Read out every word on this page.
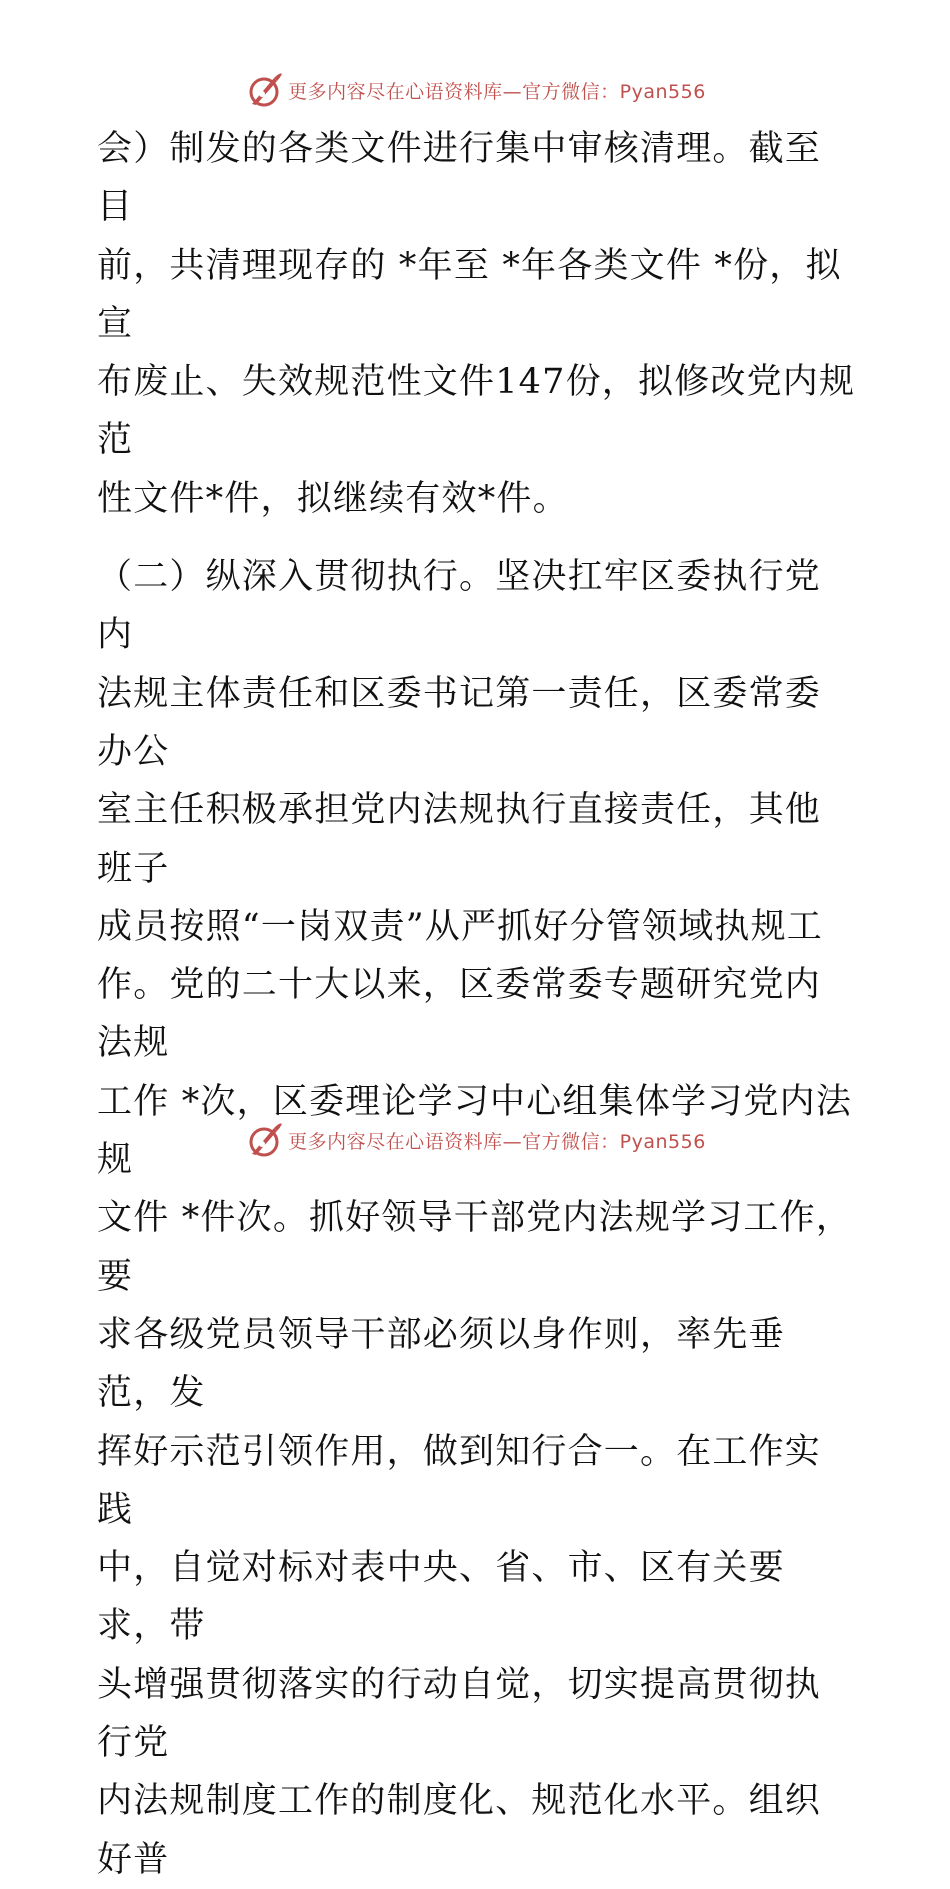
更多内容尽在心语资料库—官方微信：Pyan556

会）制发的各类文件进行集中审核清理。截至目
前，共清理现存的 *年至 *年各类文件 *份，拟宣
布废止、失效规范性文件147份，拟修改党内规范
性文件*件，拟继续有效*件。

（二）纵深入贯彻执行。坚决扛牢区委执行党内
法规主体责任和区委书记第一责任，区委常委办公
室主任积极承担党内法规执行直接责任，其他班子
成员按照“一岗双责”从严抓好分管领域执规工
作。党的二十大以来，区委常委专题研究党内法规
工作 *次，区委理论学习中心组集体学习党内法规
文件 *件次。抓好领导干部党内法规学习工作，要
求各级党员领导干部必须以身作则，率先垂范，发
挥好示范引领作用，做到知行合一。在工作实践
中，自觉对标对表中央、省、市、区有关要求，带
头增强贯彻落实的行动自觉，切实提高贯彻执行党
内法规制度工作的制度化、规范化水平。组织好普

更多内容尽在心语资料库—官方微信：Pyan556
